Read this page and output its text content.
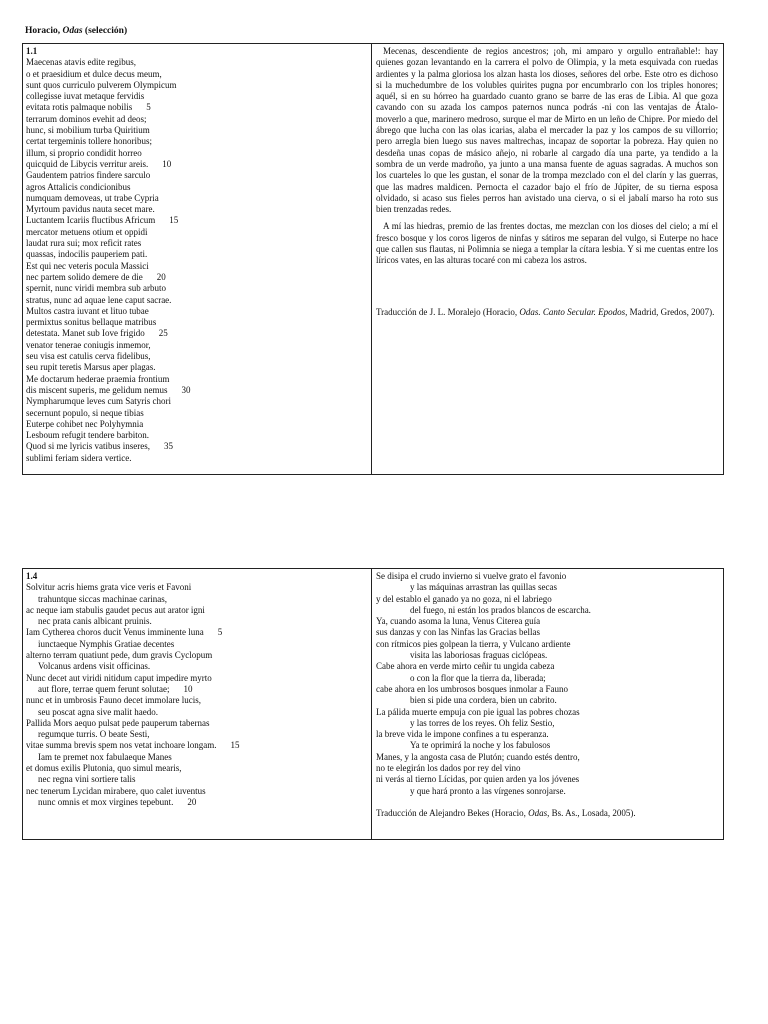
Horacio, Odas (selección)
1.1
Maecenas atavis edite regibus,
o et praesidium et dulce decus meum,
sunt quos curriculo pulverem Olympicum
collegisse iuvat metaque fervidis
evitata rotis palmaque nobilis 5
terrarum dominos evehit ad deos;
hunc, si mobilium turba Quiritium
certat tergeminis tollere honoribus;
illum, si proprio condidit horreo
quicquid de Libycis verritur areis. 10
Gaudentem patrios findere sarculo
agros Attalicis condicionibus
numquam demoveas, ut trabe Cypria
Myrtoum pavidus nauta secet mare.
Luctantem Icariis fluctibus Africum 15
mercator metuens otium et oppidi
laudat rura sui; mox reficit rates
quassas, indocilis pauperiem pati.
Est qui nec veteris pocula Massici
nec partem solido demere de die 20
spernit, nunc viridi membra sub arbuto
stratus, nunc ad aquae lene caput sacrae.
Multos castra iuvant et lituo tubae
permixtus sonitus bellaque matribus
detestata. Manet sub Iove frigido 25
venator tenerae coniugis inmemor,
seu visa est catulis cerva fidelibus,
seu rupit teretis Marsus aper plagas.
Me doctarum hederae praemia frontium
dis miscent superis, me gelidum nemus 30
Nympharumque leves cum Satyris chori
secernunt populo, si neque tibias
Euterpe cohibet nec Polyhymnia
Lesboum refugit tendere barbiton.
Quod si me lyricis vatibus inseres, 35
sublimi feriam sidera vertice.

Mecenas, descendiente de regios ancestros; ¡oh, mi amparo y orgullo entrañable!: hay quienes gozan levantando en la carrera el polvo de Olimpia, y la meta esquivada con ruedas ardientes y la palma gloriosa los alzan hasta los dioses, señores del orbe. Este otro es dichoso si la muchedumbre de los volubles quirites pugna por encumbrarlo con los triples honores; aquél, si en su hórreo ha guardado cuanto grano se barre de las eras de Libia. Al que goza cavando con su azada los campos paternos nunca podrás -ni con las ventajas de Átalo- moverlo a que, marinero medroso, surque el mar de Mirto en un leño de Chipre. Por miedo del ábrego que lucha con las olas icarias, alaba el mercader la paz y los campos de su villorrio; pero arregla bien luego sus naves maltrechas, incapaz de soportar la pobreza. Hay quien no desdeña unas copas de másico añejo, ni robarle al cargado día una parte, ya tendido a la sombra de un verde madroño, ya junto a una mansa fuente de aguas sagradas. A muchos son los cuarteles lo que les gustan, el sonar de la trompa mezclado con el del clarín y las guerras, que las madres maldicen. Pernocta el cazador bajo el frío de Júpiter, de su tierna esposa olvidado, si acaso sus fieles perros han avistado una cierva, o si el jabalí marso ha roto sus bien trenzadas redes.

A mí las hiedras, premio de las frentes doctas, me mezclan con los dioses del cielo; a mí el fresco bosque y los coros ligeros de ninfas y sátiros me separan del vulgo, si Euterpe no hace que callen sus flautas, ni Polimnia se niega a templar la cítara lesbia. Y si me cuentas entre los líricos vates, en las alturas tocaré con mi cabeza los astros.

Traducción de J. L. Moralejo (Horacio, Odas. Canto Secular. Epodos, Madrid, Gredos, 2007).
1.4
Solvitur acris hiems grata vice veris et Favoni
trahuntque siccas machinae carinas,
ac neque iam stabulis gaudet pecus aut arator igni
nec prata canis albicant pruinis.
Iam Cytherea choros ducit Venus imminente luna 5
iunctaeque Nymphis Gratiae decentes
alterno terram quatiunt pede, dum gravis Cyclopum
Volcanus ardens visit officinas.
Nunc decet aut viridi nitidum caput impedire myrto
aut flore, terrae quem ferunt solutae; 10
nunc et in umbrosis Fauno decet immolare lucis,
seu poscat agna sive malit haedo.
Pallida Mors aequo pulsat pede pauperum tabernas
regumque turris. O beate Sesti,
vitae summa brevis spem nos vetat inchoare longam. 15
Iam te premet nox fabulaeque Manes
et domus exilis Plutonia, quo simul mearis,
nec regna vini sortiere talis
nec tenerum Lycidan mirabere, quo calet iuventus
nunc omnis et mox virgines tepebunt. 20
Se disipa el crudo invierno si vuelve grato el favonio
y las máquinas arrastran las quillas secas
y del establo el ganado ya no goza, ni el labriego
del fuego, ni están los prados blancos de escarcha.
Ya, cuando asoma la luna, Venus Citerea guía
sus danzas y con las Ninfas las Gracias bellas
con rítmicos pies golpean la tierra, y Vulcano ardiente
visita las laboriosas fraguas ciclópeas.
Cabe ahora en verde mirto ceñir tu ungida cabeza
o con la flor que la tierra da, liberada;
cabe ahora en los umbrosos bosques inmolar a Fauno
bien si pide una cordera, bien un cabrito.
La pálida muerte empuja con pie igual las pobres chozas
y las torres de los reyes. Oh feliz Sestio,
la breve vida le impone confines a tu esperanza.
Ya te oprimirá la noche y los fabulosos
Manes, y la angosta casa de Plutón; cuando estés dentro,
no te elegirán los dados por rey del vino
ni verás al tierno Lícidas, por quien arden ya los jóvenes
y que hará pronto a las vírgenes sonrojarse.
Traducción de Alejandro Bekes (Horacio, Odas, Bs. As., Losada, 2005).
